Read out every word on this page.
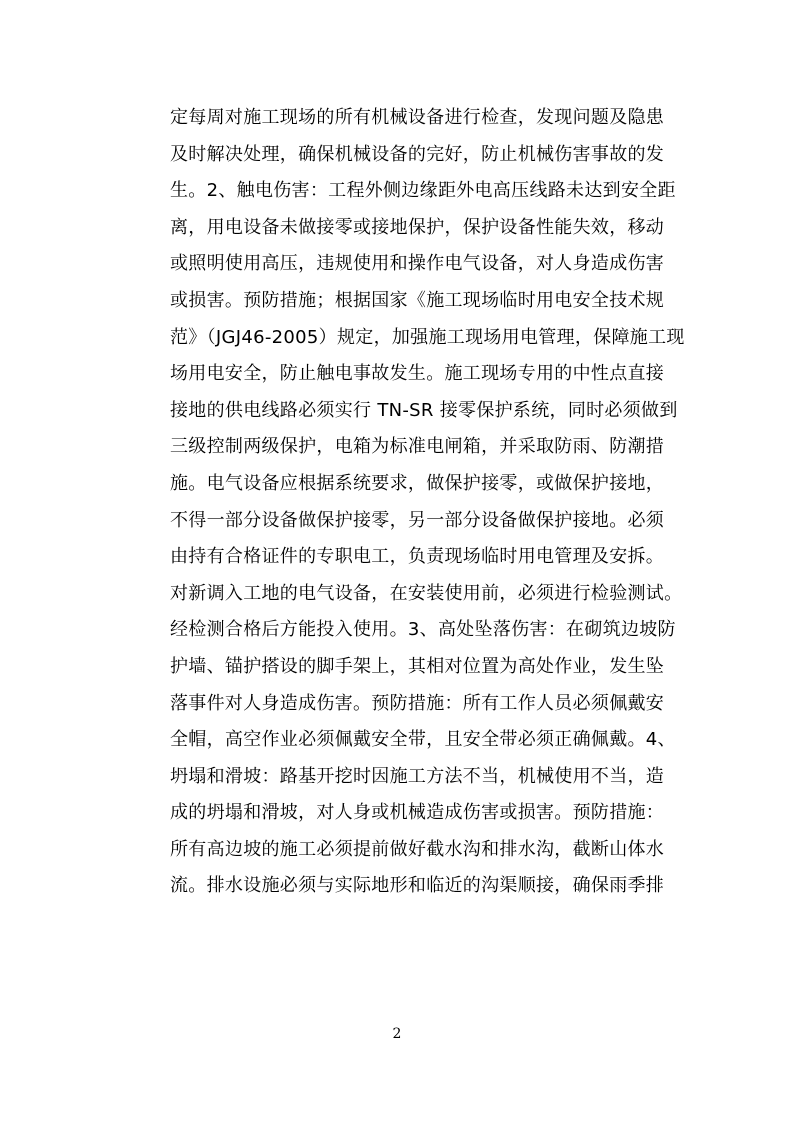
定每周对施工现场的所有机械设备进行检查，发现问题及隐患
及时解决处理，确保机械设备的完好，防止机械伤害事故的发
生。2、触电伤害：工程外侧边缘距外电高压线路未达到安全距
离，用电设备未做接零或接地保护，保护设备性能失效，移动
或照明使用高压，违规使用和操作电气设备，对人身造成伤害
或损害。预防措施；根据国家《施工现场临时用电安全技术规
范》（JGJ46-2005）规定，加强施工现场用电管理，保障施工现
场用电安全，防止触电事故发生。施工现场专用的中性点直接
接地的供电线路必须实行 TN-SR 接零保护系统，同时必须做到
三级控制两级保护，电箱为标准电闸箱，并采取防雨、防潮措
施。电气设备应根据系统要求，做保护接零，或做保护接地，
不得一部分设备做保护接零，另一部分设备做保护接地。必须
由持有合格证件的专职电工，负责现场临时用电管理及安拆。
对新调入工地的电气设备，在安装使用前，必须进行检验测试。
经检测合格后方能投入使用。3、高处坠落伤害：在砌筑边坡防
护墙、锚护搭设的脚手架上，其相对位置为高处作业，发生坠
落事件对人身造成伤害。预防措施：所有工作人员必须佩戴安
全帽，高空作业必须佩戴安全带，且安全带必须正确佩戴。4、
坍塌和滑坡：路基开挖时因施工方法不当，机械使用不当，造
成的坍塌和滑坡，对人身或机械造成伤害或损害。预防措施：
所有高边坡的施工必须提前做好截水沟和排水沟，截断山体水
流。排水设施必须与实际地形和临近的沟渠顺接，确保雨季排
2
